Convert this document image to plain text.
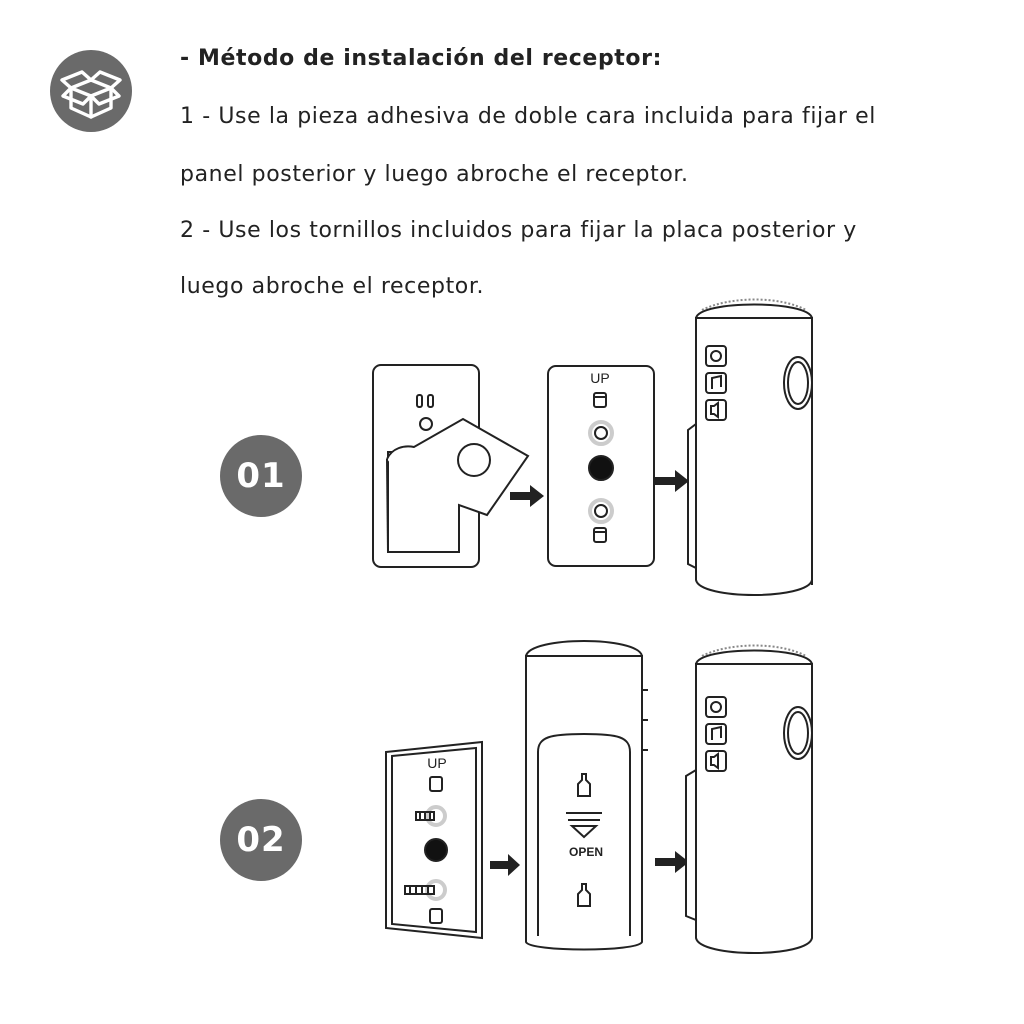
- Método de instalación del receptor:
1 - Use la pieza adhesiva de doble cara incluida para fijar el
panel posterior y luego abroche el receptor.
2 - Use los tornillos incluidos para fijar la placa posterior y
luego abroche el receptor.
01
02
UP
UP
OPEN
